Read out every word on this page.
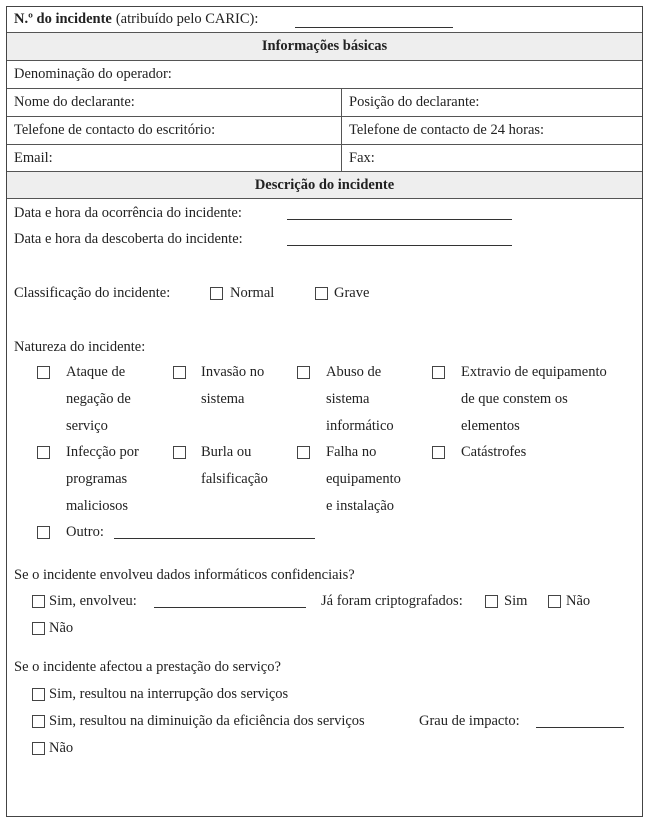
N.º do incidente (atribuído pelo CARIC):
Informações básicas
Denominação do operador:
Nome do declarante:	Posição do declarante:
Telefone de contacto do escritório:	Telefone de contacto de 24 horas:
Email:	Fax:
Descrição do incidente
Data e hora da ocorrência do incidente:
Data e hora da descoberta do incidente:
Classificação do incidente:	Normal	Grave
Natureza do incidente:
Ataque de
negação de
serviço
Invasão no
sistema
Abuso de
sistema
informático
Extravio de equipamento
de que constem os
elementos
Infecção por
programas
maliciosos
Burla ou
falsificação
Falha no
equipamento
e instalação
Catástrofes
Outro:
Se o incidente envolveu dados informáticos confidenciais?
Sim, envolveu:	Já foram criptografados:	Sim	Não
Não
Se o incidente afectou a prestação do serviço?
Sim, resultou na interrupção dos serviços
Sim, resultou na diminuição da eficiência dos serviços	Grau de impacto:
Não
